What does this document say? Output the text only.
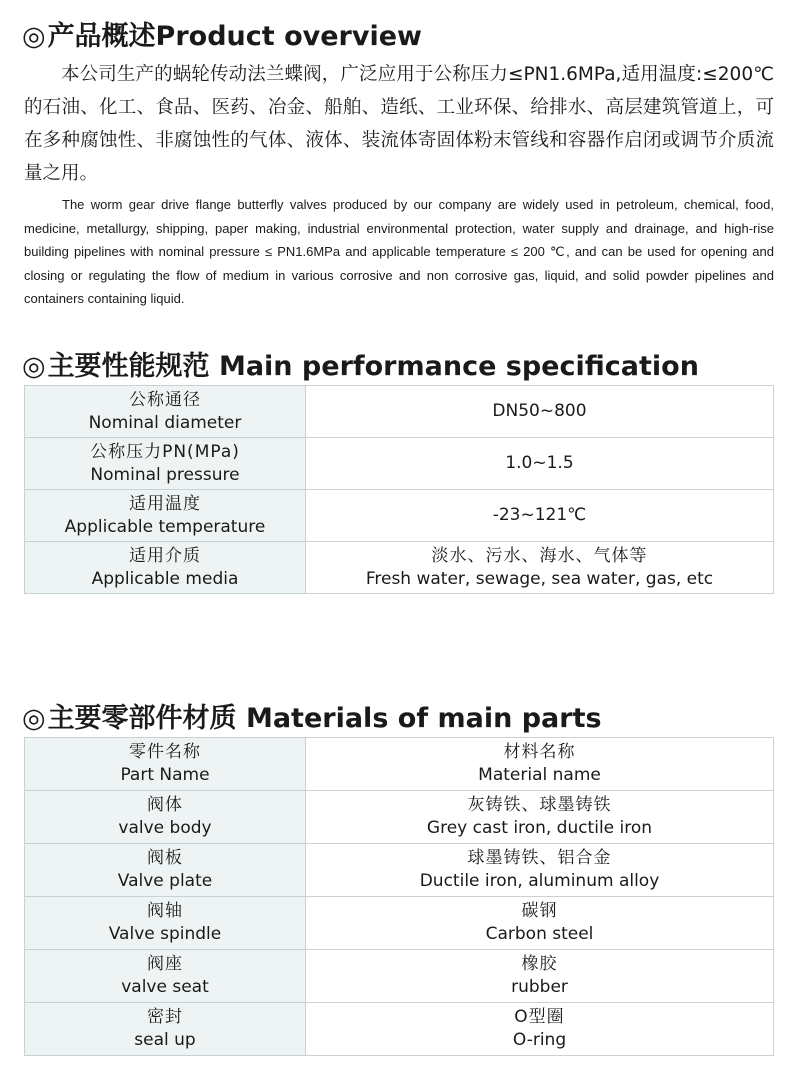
◎产品概述Product overview
本公司生产的蜗轮传动法兰蝶阀，广泛应用于公称压力≤PN1.6MPa,适用温度:≤200℃的石油、化工、食品、医药、冶金、船舶、造纸、工业环保、给排水、高层建筑管道上，可在多种腐蚀性、非腐蚀性的气体、液体、装流体寄固体粉末管线和容器作启闭或调节介质流量之用。
The worm gear drive flange butterfly valves produced by our company are widely used in petroleum, chemical, food, medicine, metallurgy, shipping, paper making, industrial environmental protection, water supply and drainage, and high-rise building pipelines with nominal pressure ≤ PN1.6MPa and applicable temperature ≤ 200 ℃, and can be used for opening and closing or regulating the flow of medium in various corrosive and non corrosive gas, liquid, and solid powder pipelines and containers containing liquid.
◎主要性能规范 Main performance specification
公称通径
Nominal diameter	DN50~800

公称压力PN(MPa)
Nominal pressure	1.0~1.5

适用温度
Applicable temperature	-23~121℃

适用介质
Applicable media	淡水、污水、海水、气体等
Fresh water, sewage, sea water, gas, etc
◎主要零部件材质 Materials of main parts
零件名称
Part Name	材料名称
Material name

阀体
valve body	灰铸铁、球墨铸铁
Grey cast iron, ductile iron

阀板
Valve plate	球墨铸铁、铝合金
Ductile iron, aluminum alloy

阀轴
Valve spindle	碳钢
Carbon steel

阀座
valve seat	橡胶
rubber

密封
seal up	O型圈
O-ring
